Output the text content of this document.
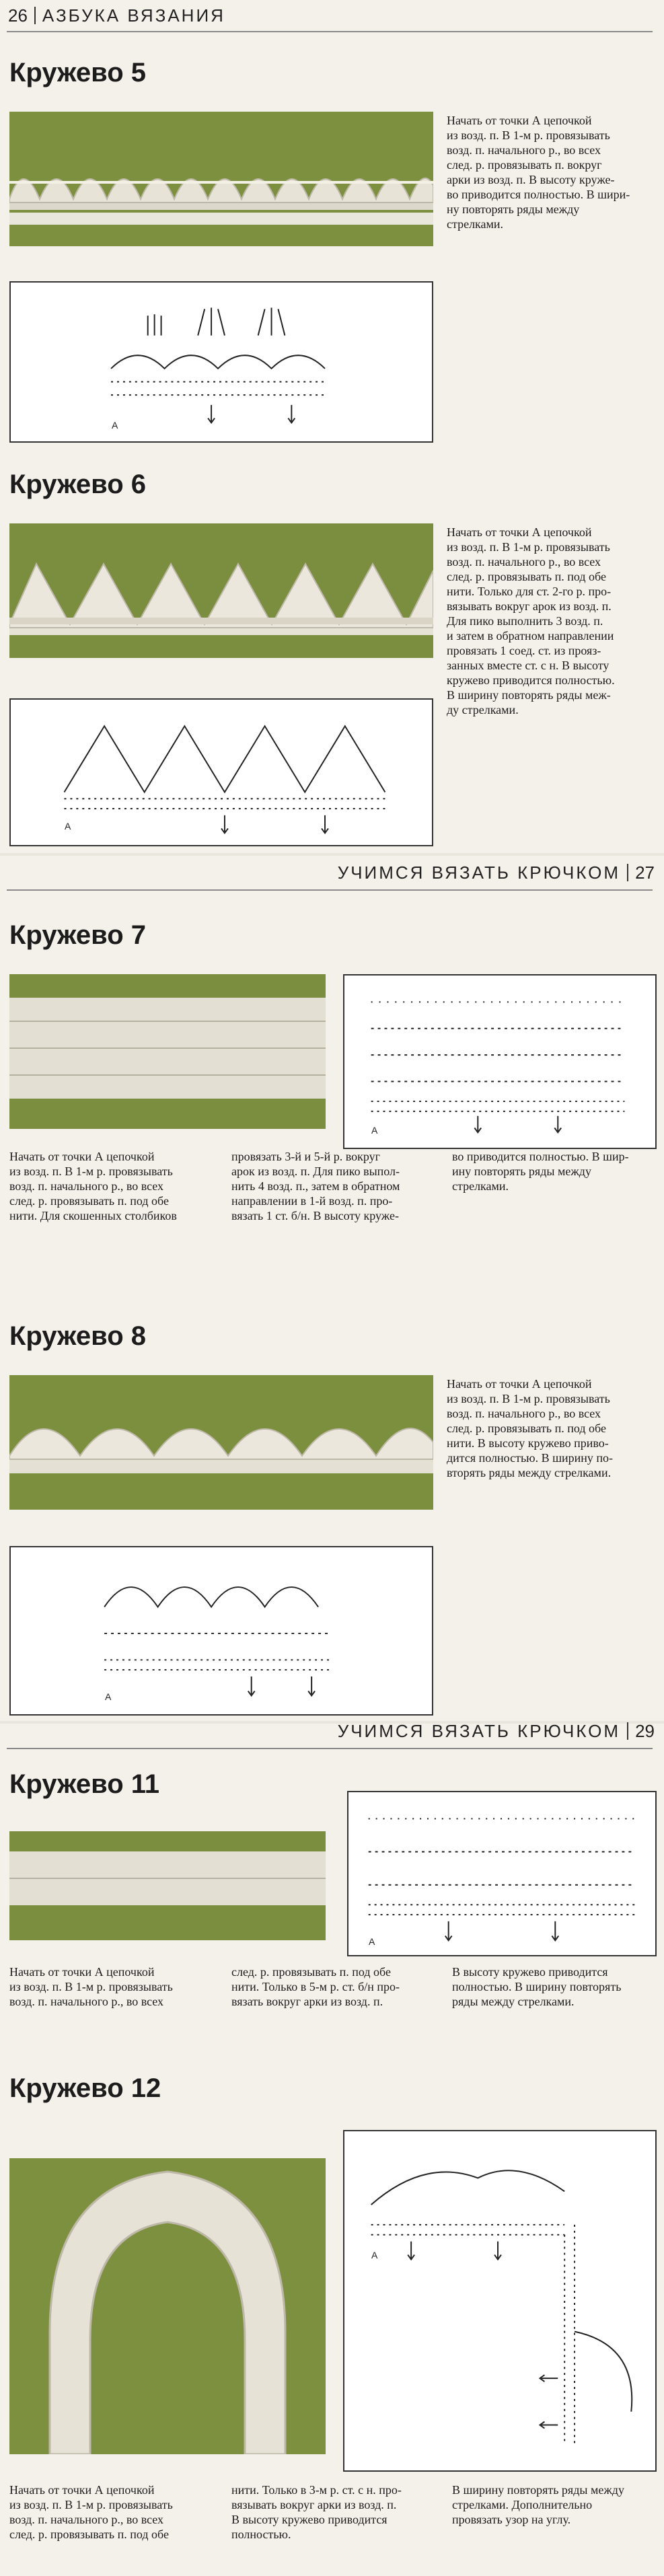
26 АЗБУКА ВЯЗАНИЯ
Кружево 5
Начать от точки А цепочкой
из возд. п. В 1-м р. провязывать
возд. п. начального р., во всех
след. р. провязывать п. вокруг
арки из возд. п. В высоту круже-
во приводится полностью. В шири-
ну повторять ряды между
стрелками.
A
Кружево 6
Начать от точки А цепочкой
из возд. п. В 1-м р. провязывать
возд. п. начального р., во всех
след. р. провязывать п. под обе
нити. Только для ст. 2-го р. про-
вязывать вокруг арок из возд. п.
Для пико выполнить 3 возд. п.
и затем в обратном направлении
провязать 1 соед. ст. из прояз-
занных вместе ст. с н. В высоту
кружево приводится полностью.
В ширину повторять ряды меж-
ду стрелками.
A
УЧИМСЯ ВЯЗАТЬ КРЮЧКОМ 27
Кружево 7
A
Начать от точки А цепочкой
из возд. п. В 1-м р. провязывать
возд. п. начального р., во всех
след. р. провязывать п. под обе
нити. Для скошенных столбиков
провязать 3-й и 5-й р. вокруг
арок из возд. п. Для пико выпол-
нить 4 возд. п., затем в обратном
направлении в 1-й возд. п. про-
вязать 1 ст. б/н. В высоту круже-
во приводится полностью. В шир-
ину повторять ряды между
стрелками.
Кружево 8
Начать от точки А цепочкой
из возд. п. В 1-м р. провязывать
возд. п. начального р., во всех
след. р. провязывать п. под обе
нити. В высоту кружево приво-
дится полностью. В ширину по-
вторять ряды между стрелками.
A
УЧИМСЯ ВЯЗАТЬ КРЮЧКОМ 29
Кружево 11
A
Начать от точки А цепочкой
из возд. п. В 1-м р. провязывать
возд. п. начального р., во всех
след. р. провязывать п. под обе
нити. Только в 5-м р. ст. б/н про-
вязать вокруг арки из возд. п.
В высоту кружево приводится
полностью. В ширину повторять
ряды между стрелками.
Кружево 12
A
Начать от точки А цепочкой
из возд. п. В 1-м р. провязывать
возд. п. начального р., во всех
след. р. провязывать п. под обе
нити. Только в 3-м р. ст. с н. про-
вязывать вокруг арки из возд. п.
В высоту кружево приводится
полностью.
В ширину повторять ряды между
стрелками. Дополнительно
провязать узор на углу.
